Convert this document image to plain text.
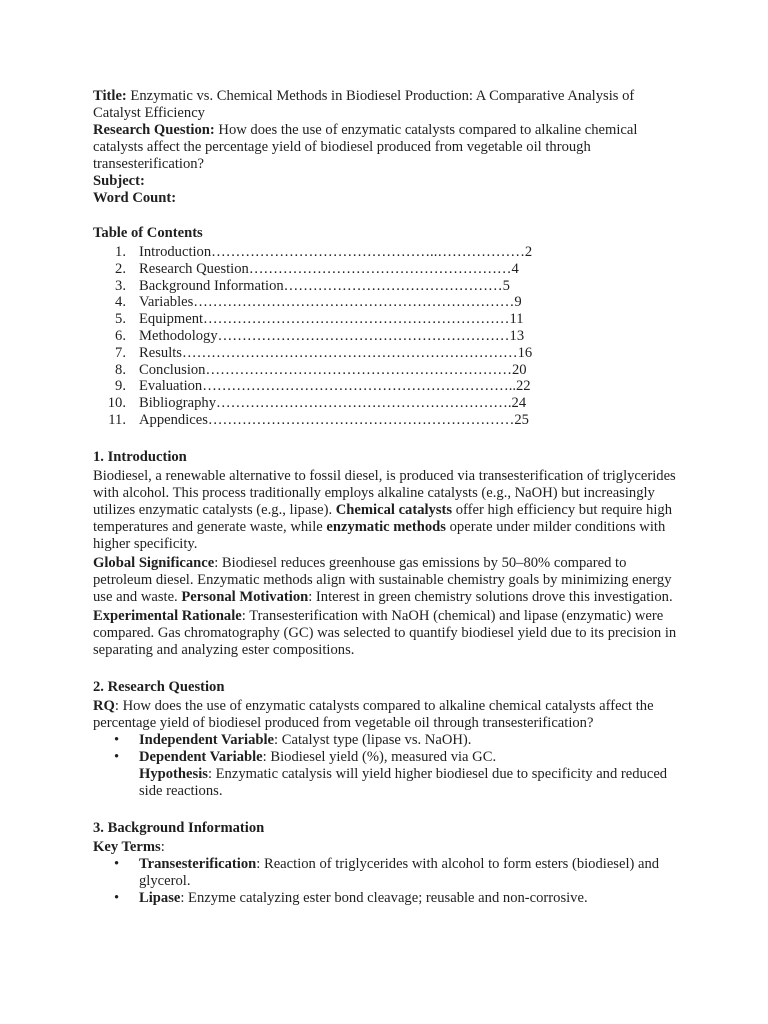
Title: Enzymatic vs. Chemical Methods in Biodiesel Production: A Comparative Analysis of Catalyst Efficiency

Research Question: How does the use of enzymatic catalysts compared to alkaline chemical catalysts affect the percentage yield of biodiesel produced from vegetable oil through transesterification?

Subject:

Word Count:

Table of Contents

1. Introduction………………………………………..………………2
2. Research Question………………………………………………4
3. Background Information………………………………………5
4. Variables…………………………………………………………9
5. Equipment………………………………………………………11
6. Methodology……………………………………………………13
7. Results……………………………………………………………16
8. Conclusion………………………………………………………20
9. Evaluation………………………………………………………..22
10. Bibliography…………………………………………………….24
11. Appendices………………………………………………………25

1. Introduction

Biodiesel, a renewable alternative to fossil diesel, is produced via transesterification of triglycerides with alcohol. This process traditionally employs alkaline catalysts (e.g., NaOH) but increasingly utilizes enzymatic catalysts (e.g., lipase). Chemical catalysts offer high efficiency but require high temperatures and generate waste, while enzymatic methods operate under milder conditions with higher specificity.

Global Significance: Biodiesel reduces greenhouse gas emissions by 50–80% compared to petroleum diesel. Enzymatic methods align with sustainable chemistry goals by minimizing energy use and waste. Personal Motivation: Interest in green chemistry solutions drove this investigation.

Experimental Rationale: Transesterification with NaOH (chemical) and lipase (enzymatic) were compared. Gas chromatography (GC) was selected to quantify biodiesel yield due to its precision in separating and analyzing ester compositions.

2. Research Question

RQ: How does the use of enzymatic catalysts compared to alkaline chemical catalysts affect the percentage yield of biodiesel produced from vegetable oil through transesterification?

• Independent Variable: Catalyst type (lipase vs. NaOH).
• Dependent Variable: Biodiesel yield (%), measured via GC.

Hypothesis: Enzymatic catalysis will yield higher biodiesel due to specificity and reduced side reactions.

3. Background Information

Key Terms:

• Transesterification: Reaction of triglycerides with alcohol to form esters (biodiesel) and glycerol.
• Lipase: Enzyme catalyzing ester bond cleavage; reusable and non-corrosive.
